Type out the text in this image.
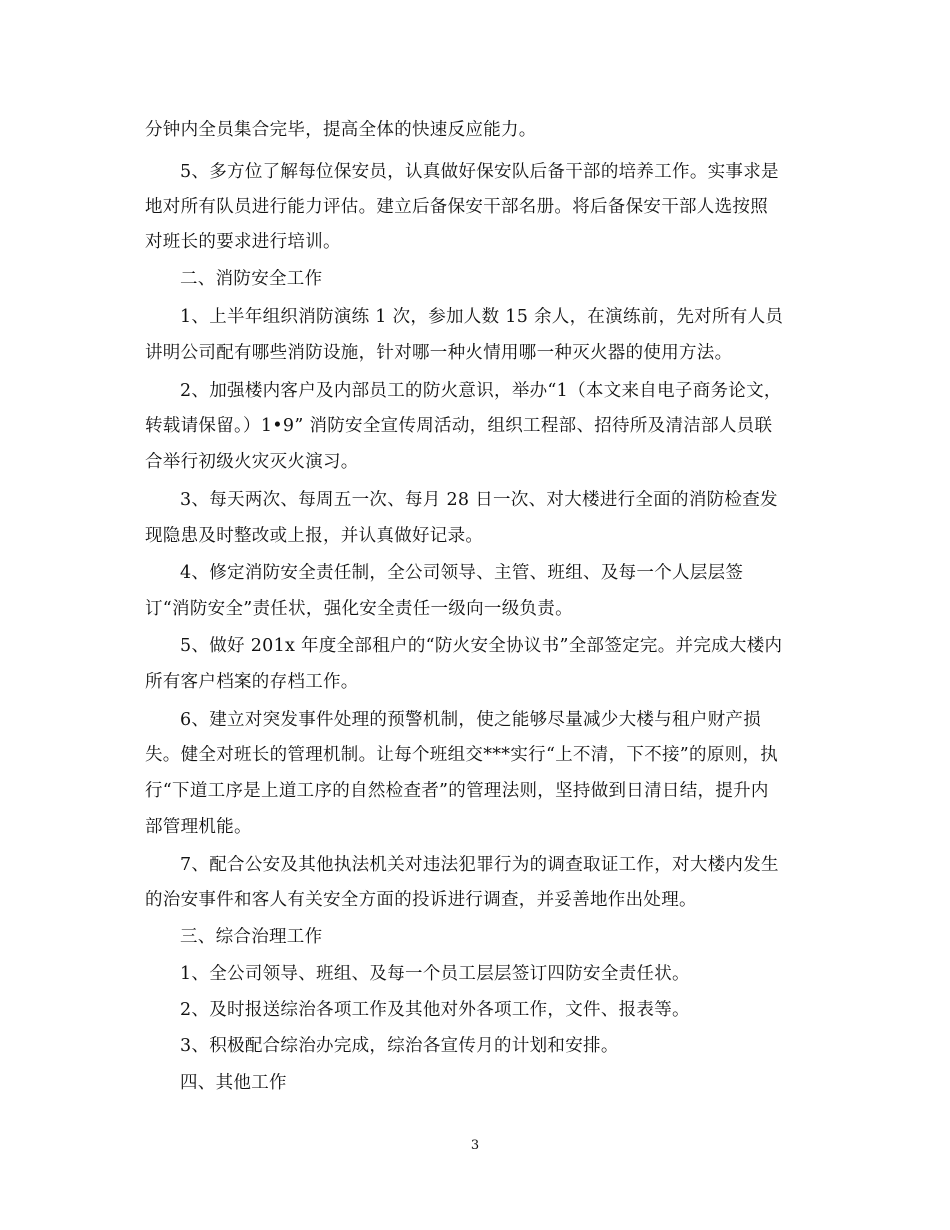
分钟内全员集合完毕，提高全体的快速反应能力。
5、多方位了解每位保安员，认真做好保安队后备干部的培养工作。实事求是
地对所有队员进行能力评估。建立后备保安干部名册。将后备保安干部人选按照
对班长的要求进行培训。
二、消防安全工作
1、上半年组织消防演练 1 次，参加人数 15 余人，在演练前，先对所有人员
讲明公司配有哪些消防设施，针对哪一种火情用哪一种灭火器的使用方法。
2、加强楼内客户及内部员工的防火意识，举办“1（本文来自电子商务论文，
转载请保留。）1•9” 消防安全宣传周活动，组织工程部、招待所及清洁部人员联
合举行初级火灾灭火演习。
3、每天两次、每周五一次、每月 28 日一次、对大楼进行全面的消防检查发
现隐患及时整改或上报，并认真做好记录。
4、修定消防安全责任制，全公司领导、主管、班组、及每一个人层层签
订“消防安全”责任状，强化安全责任一级向一级负责。
5、做好 201x 年度全部租户的“防火安全协议书”全部签定完。并完成大楼内
所有客户档案的存档工作。
6、建立对突发事件处理的预警机制，使之能够尽量减少大楼与租户财产损
失。健全对班长的管理机制。让每个班组交***实行“上不清，下不接”的原则，执
行“下道工序是上道工序的自然检查者”的管理法则，坚持做到日清日结，提升内
部管理机能。
7、配合公安及其他执法机关对违法犯罪行为的调查取证工作，对大楼内发生
的治安事件和客人有关安全方面的投诉进行调查，并妥善地作出处理。
三、综合治理工作
1、全公司领导、班组、及每一个员工层层签订四防安全责任状。
2、及时报送综治各项工作及其他对外各项工作，文件、报表等。
3、积极配合综治办完成，综治各宣传月的计划和安排。
四、其他工作
3
